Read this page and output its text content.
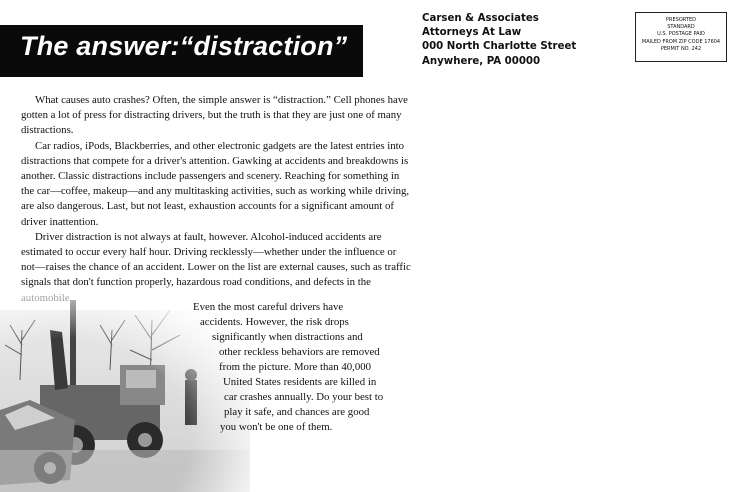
The answer:“distraction”
Carsen & Associates
Attorneys At Law
000 North Charlotte Street
Anywhere, PA 00000
PRESORTED
STANDARD
U.S. POSTAGE PAID
MAILED FROM ZIP CODE 17604
PERMIT NO. 242

What causes auto crashes? Often, the simple answer is “distraction.” Cell phones have gotten a lot of press for distracting drivers, but the truth is that they are just one of many distractions.

Car radios, iPods, Blackberries, and other electronic gadgets are the latest entries into distractions that compete for a driver's attention. Gawking at accidents and breakdowns is another. Classic distractions include passengers and scenery. Reaching for something in the car—coffee, makeup—and any multitasking activities, such as working while driving, are also dangerous. Last, but not least, exhaustion accounts for a significant amount of driver inattention.

Driver distraction is not always at fault, however. Alcohol-induced accidents are estimated to occur every half hour. Driving recklessly—whether under the influence or not—raises the chance of an accident. Lower on the list are external causes, such as traffic signals that don't function properly, hazardous road conditions, and defects in the

Even the most careful drivers have
accidents. However, the risk drops
significantly when distractions and
other reckless behaviors are removed
from the picture. More than 40,000
United States residents are killed in
car crashes annually. Do your best to
play it safe, and chances are good
you won't be one of them.
